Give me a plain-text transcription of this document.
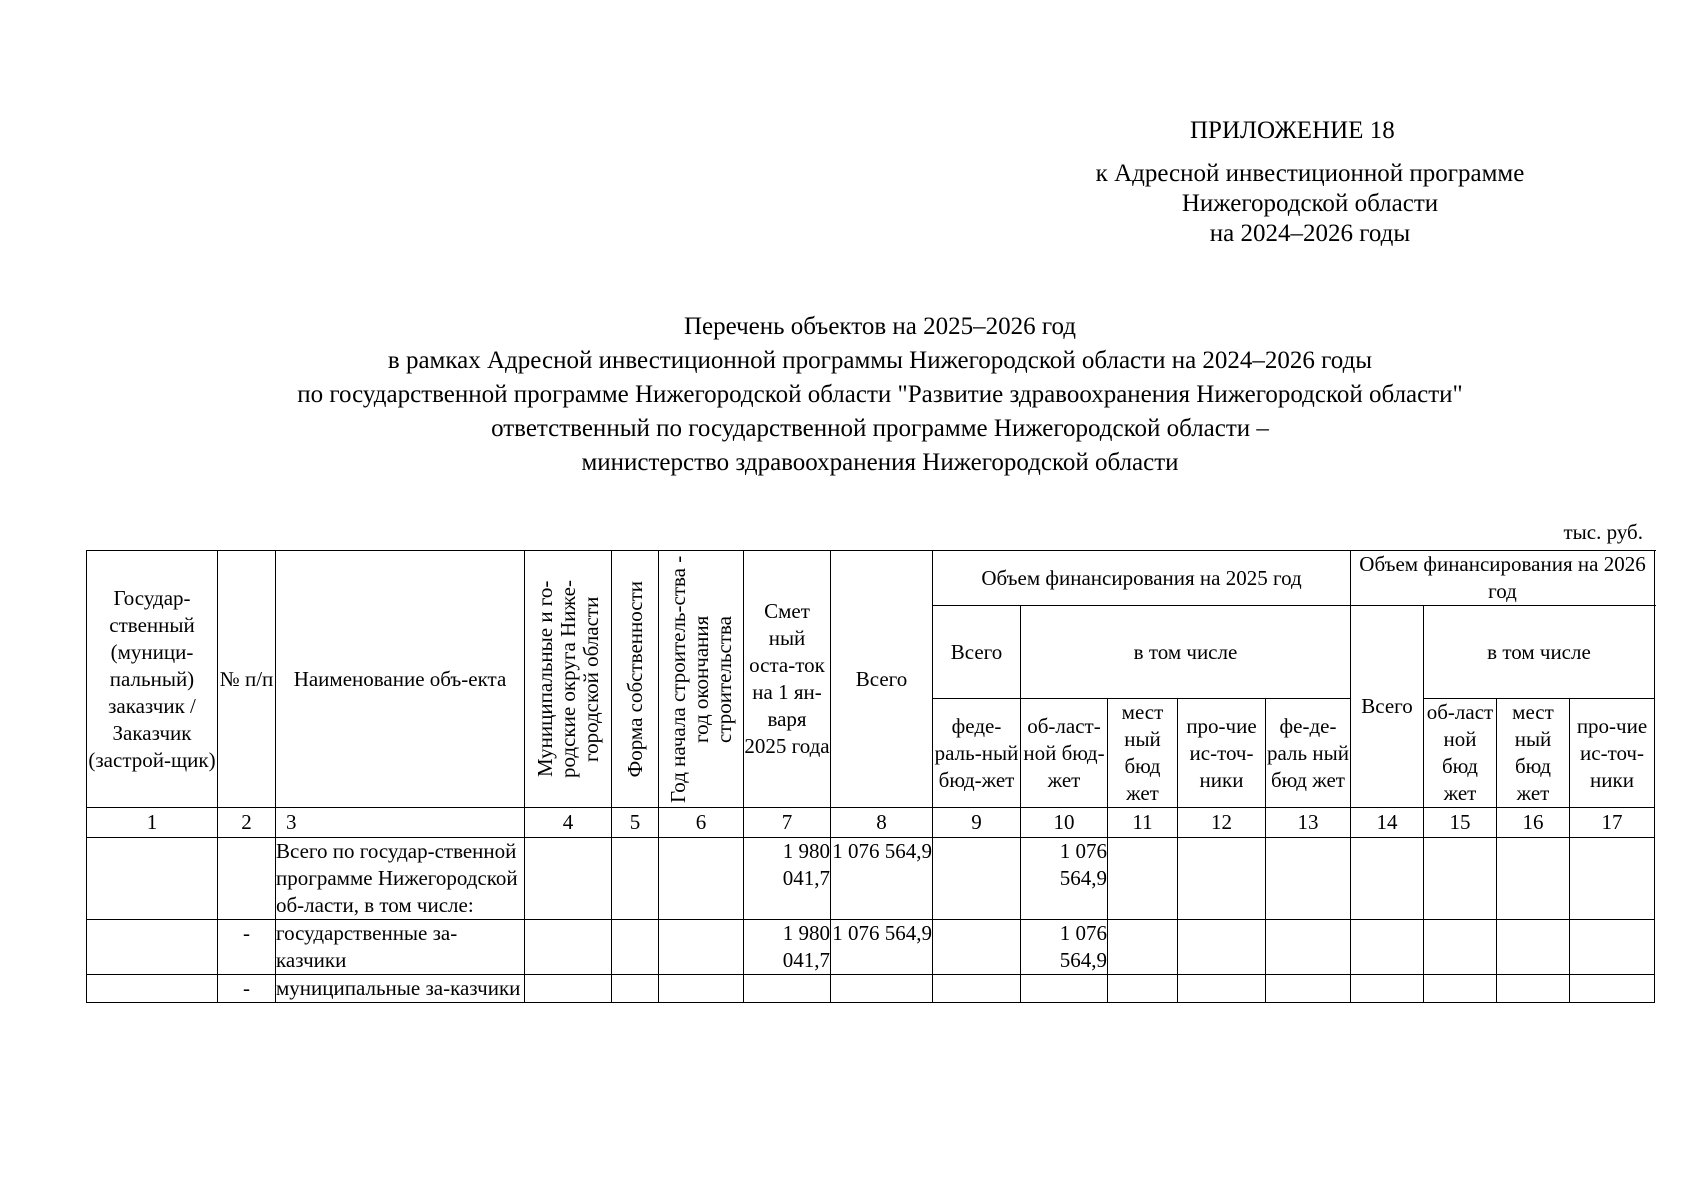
ПРИЛОЖЕНИЕ 18
к Адресной инвестиционной программе
Нижегородской области
на 2024–2026 годы
Перечень объектов на 2025–2026 год
в рамках Адресной инвестиционной программы Нижегородской области на 2024–2026 годы
по государственной программе Нижегородской области "Развитие здравоохранения Нижегородской области"
ответственный по государственной программе Нижегородской области –
министерство здравоохранения Нижегородской области
тыс. руб.
Государ-ственный (муници-пальный) заказчик / Заказчик (застрой-щик)	№ п/п	Наименование объ-екта	Муниципальные и го-родские округа Ниже-городской области	Форма собственности	Год начала строитель-ства - год окончания строительства	Смет ный оста-ток на 1 ян-варя 2025 года	Всего	Объем финансирования на 2025 год					Объем финансирования на 2026 год			
								Всего	в том числе				Всего	в том числе		
								феде-раль-ный бюд-жет	об-ласт-ной бюд-жет	мест ный бюд жет	про-чие ис-точ-ники	фе-де-раль ный бюд жет		об-ласт ной бюд жет	мест ный бюд жет	про-чие ис-точ-ники
1	2	3	4	5	6	7	8	9	10	11	12	13	14	15	16	17
		Всего по государ-ственной программе Нижегородской об-ласти, в том числе:				1 980 041,7	1 076 564,9		1 076 564,9							
	-	государственные за-казчики				1 980 041,7	1 076 564,9		1 076 564,9							
	-	муниципальные за-казчики														
